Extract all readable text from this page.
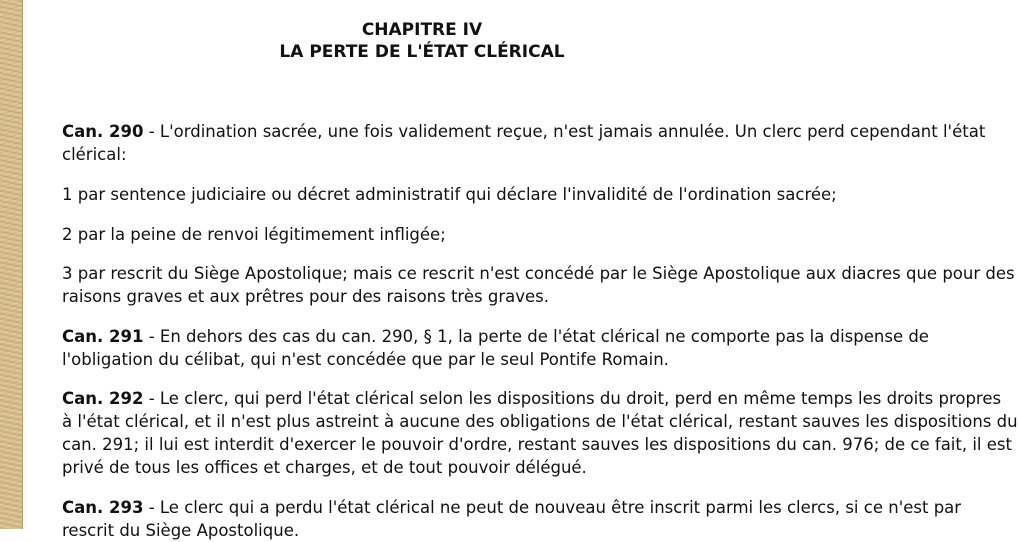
CHAPITRE IV
LA PERTE DE L'ÉTAT CLÉRICAL
Can. 290 - L'ordination sacrée, une fois validement reçue, n'est jamais annulée. Un clerc perd cependant l'état
clérical:
1 par sentence judiciaire ou décret administratif qui déclare l'invalidité de l'ordination sacrée;
2 par la peine de renvoi légitimement infligée;
3 par rescrit du Siège Apostolique; mais ce rescrit n'est concédé par le Siège Apostolique aux diacres que pour des
raisons graves et aux prêtres pour des raisons très graves.
Can. 291 - En dehors des cas du can. 290, § 1, la perte de l'état clérical ne comporte pas la dispense de
l'obligation du célibat, qui n'est concédée que par le seul Pontife Romain.
Can. 292 - Le clerc, qui perd l'état clérical selon les dispositions du droit, perd en même temps les droits propres
à l'état clérical, et il n'est plus astreint à aucune des obligations de l'état clérical, restant sauves les dispositions du
can. 291; il lui est interdit d'exercer le pouvoir d'ordre, restant sauves les dispositions du can. 976; de ce fait, il est
privé de tous les offices et charges, et de tout pouvoir délégué.
Can. 293 - Le clerc qui a perdu l'état clérical ne peut de nouveau être inscrit parmi les clercs, si ce n'est par
rescrit du Siège Apostolique.
